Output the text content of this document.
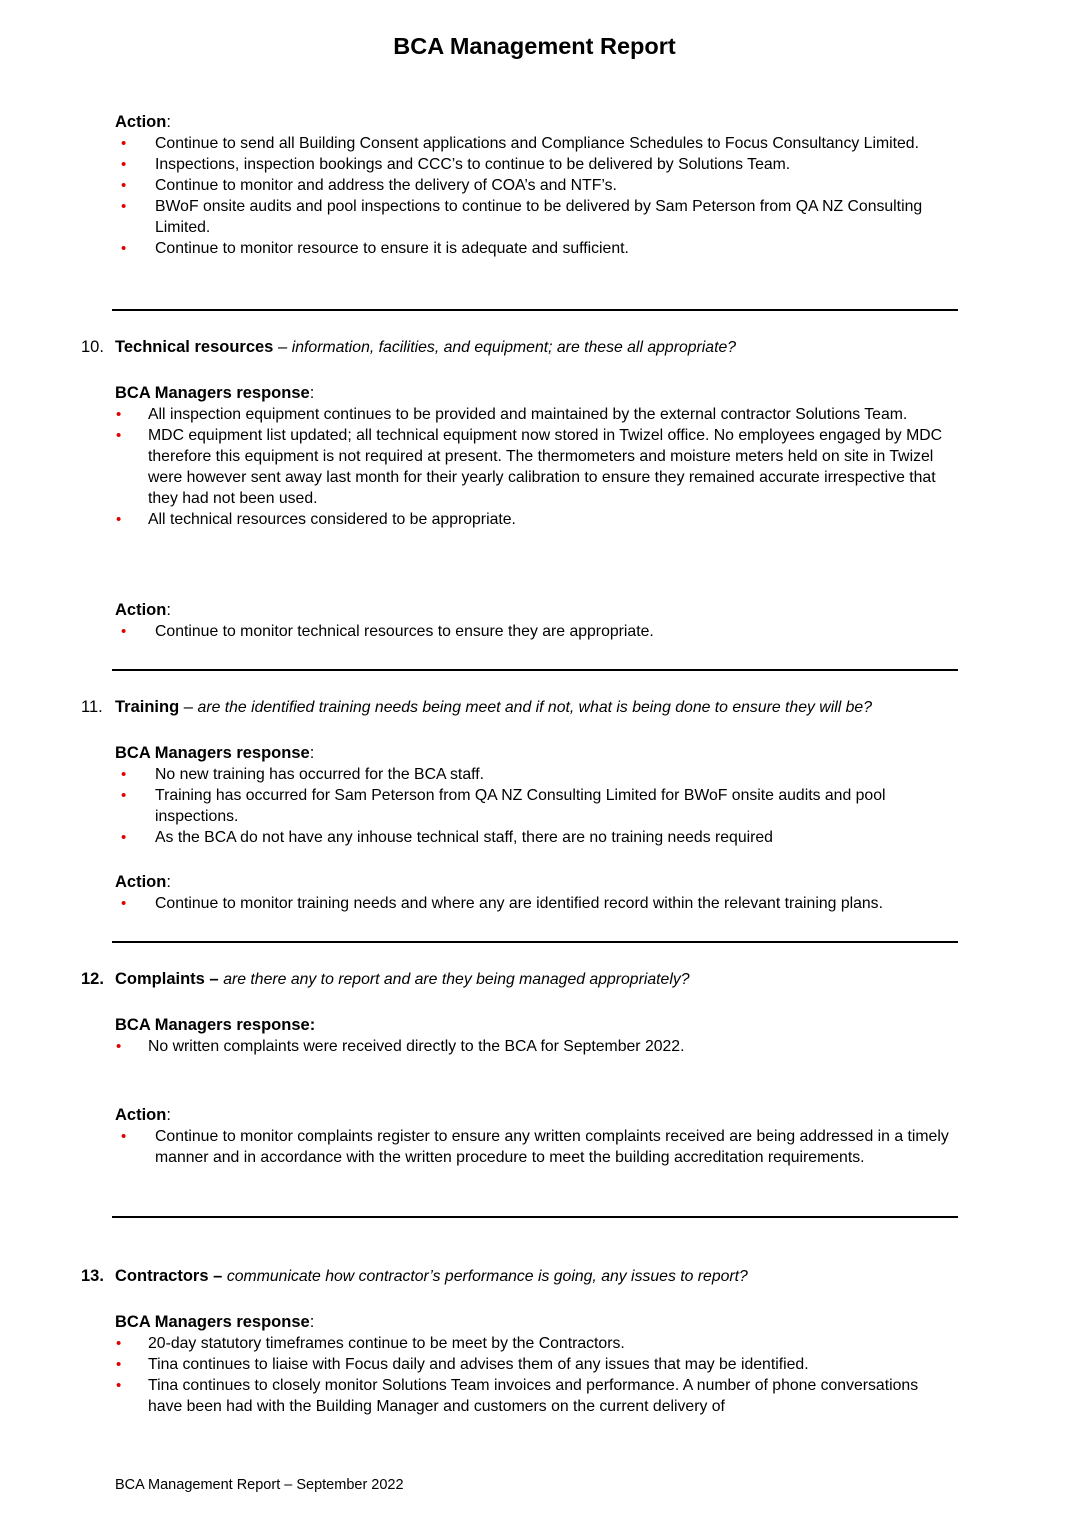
BCA Management Report

Action:

• Continue to send all Building Consent applications and Compliance Schedules to Focus Consultancy Limited.
• Inspections, inspection bookings and CCC’s to continue to be delivered by Solutions Team.
• Continue to monitor and address the delivery of COA’s and NTF’s.
• BWoF onsite audits and pool inspections to continue to be delivered by Sam Peterson from QA NZ Consulting Limited.
• Continue to monitor resource to ensure it is adequate and sufficient.
10. Technical resources – information, facilities, and equipment; are these all appropriate?

BCA Managers response:

• All inspection equipment continues to be provided and maintained by the external contractor Solutions Team.
• MDC equipment list updated; all technical equipment now stored in Twizel office. No employees engaged by MDC therefore this equipment is not required at present. The thermometers and moisture meters held on site in Twizel were however sent away last month for their yearly calibration to ensure they remained accurate irrespective that they had not been used.
• All technical resources considered to be appropriate.

Action:

• Continue to monitor technical resources to ensure they are appropriate.
11. Training – are the identified training needs being meet and if not, what is being done to ensure they will be?

BCA Managers response:

• No new training has occurred for the BCA staff.
• Training has occurred for Sam Peterson from QA NZ Consulting Limited for BWoF onsite audits and pool inspections.
• As the BCA do not have any inhouse technical staff, there are no training needs required

Action:

• Continue to monitor training needs and where any are identified record within the relevant training plans.
12. Complaints – are there any to report and are they being managed appropriately?

BCA Managers response:

• No written complaints were received directly to the BCA for September 2022.

Action:

• Continue to monitor complaints register to ensure any written complaints received are being addressed in a timely manner and in accordance with the written procedure to meet the building accreditation requirements.
13. Contractors – communicate how contractor’s performance is going, any issues to report?

BCA Managers response:

• 20-day statutory timeframes continue to be meet by the Contractors.
• Tina continues to liaise with Focus daily and advises them of any issues that may be identified.
• Tina continues to closely monitor Solutions Team invoices and performance. A number of phone conversations have been had with the Building Manager and customers on the current delivery of
BCA Management Report – September 2022
